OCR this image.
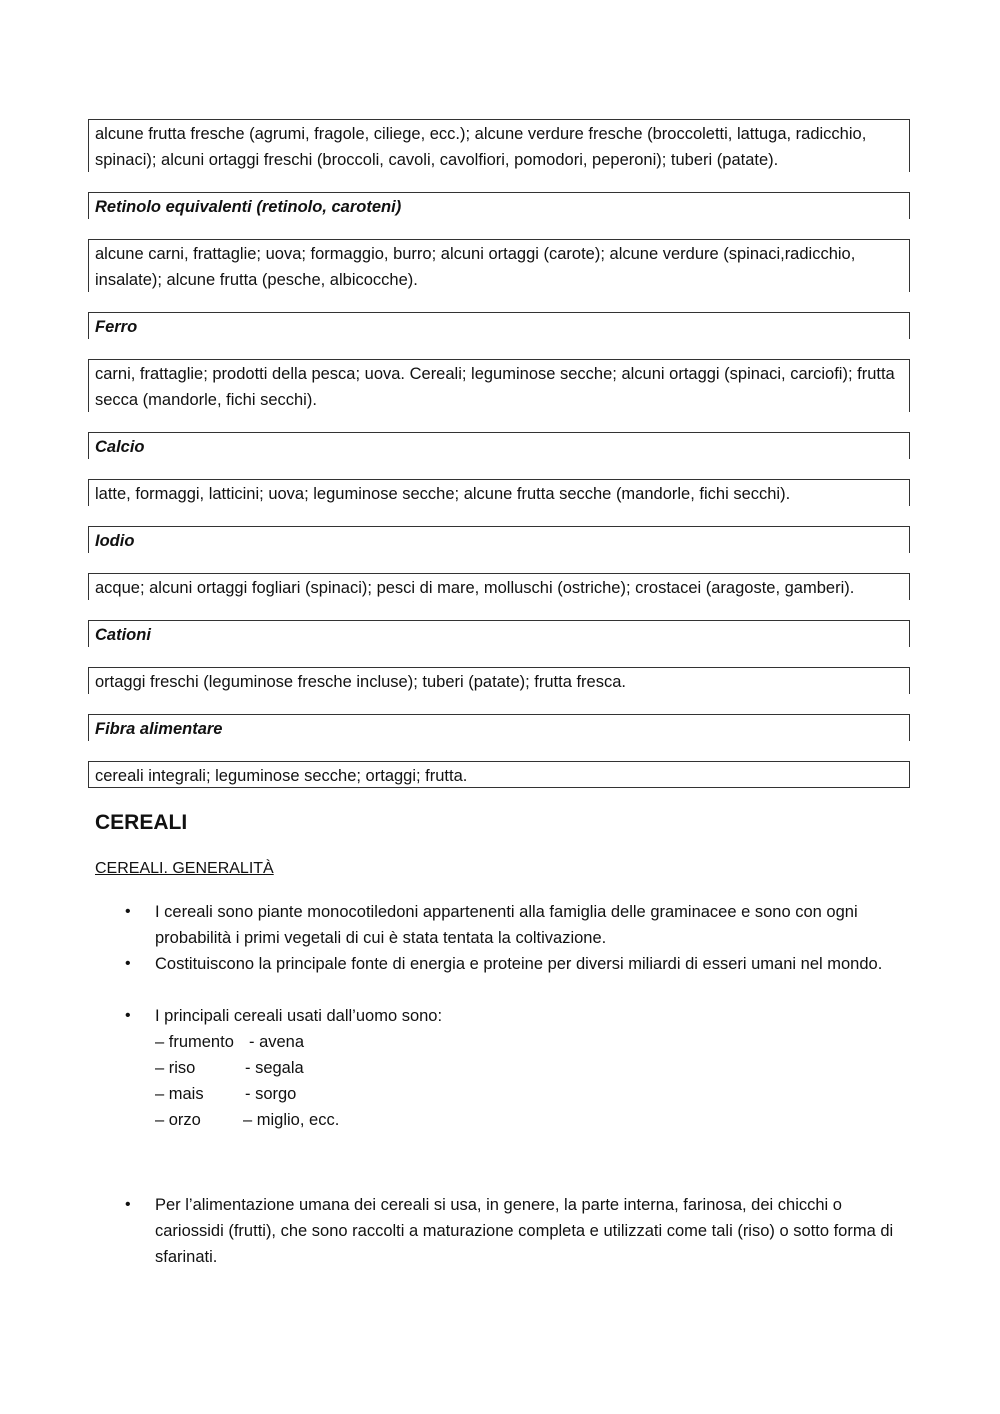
alcune frutta fresche (agrumi, fragole, ciliege, ecc.); alcune verdure fresche (broccoletti, lattuga, radicchio, spinaci); alcuni ortaggi freschi (broccoli, cavoli, cavolfiori, pomodori, peperoni); tuberi (patate).
Retinolo equivalenti (retinolo, caroteni)
alcune carni, frattaglie; uova; formaggio, burro; alcuni ortaggi (carote); alcune verdure (spinaci,radicchio, insalate); alcune frutta (pesche, albicocche).
Ferro
carni, frattaglie; prodotti della pesca; uova. Cereali; leguminose secche; alcuni ortaggi (spinaci, carciofi); frutta secca (mandorle, fichi secchi).
Calcio
latte, formaggi, latticini; uova; leguminose secche; alcune frutta secche (mandorle, fichi secchi).
Iodio
acque; alcuni ortaggi fogliari (spinaci); pesci di mare, molluschi (ostriche); crostacei (aragoste, gamberi).
Cationi
ortaggi freschi (leguminose fresche incluse); tuberi (patate); frutta fresca.
Fibra alimentare
cereali integrali; leguminose secche; ortaggi; frutta.
CEREALI
CEREALI. GENERALITÀ
• I cereali sono piante monocotiledoni appartenenti alla famiglia delle graminacee e sono con ogni probabilità i primi vegetali di cui è stata tentata la coltivazione.
• Costituiscono la principale fonte di energia e proteine per diversi miliardi di esseri umani nel mondo.
• I principali cereali usati dall’uomo sono:
– frumento - avena
– riso	- segala
– mais	- sorgo
– orzo	– miglio, ecc.
• Per l’alimentazione umana dei cereali si usa, in genere, la parte interna, farinosa, dei chicchi o cariossidi (frutti), che sono raccolti a maturazione completa e utilizzati come tali (riso) o sotto forma di sfarinati.
